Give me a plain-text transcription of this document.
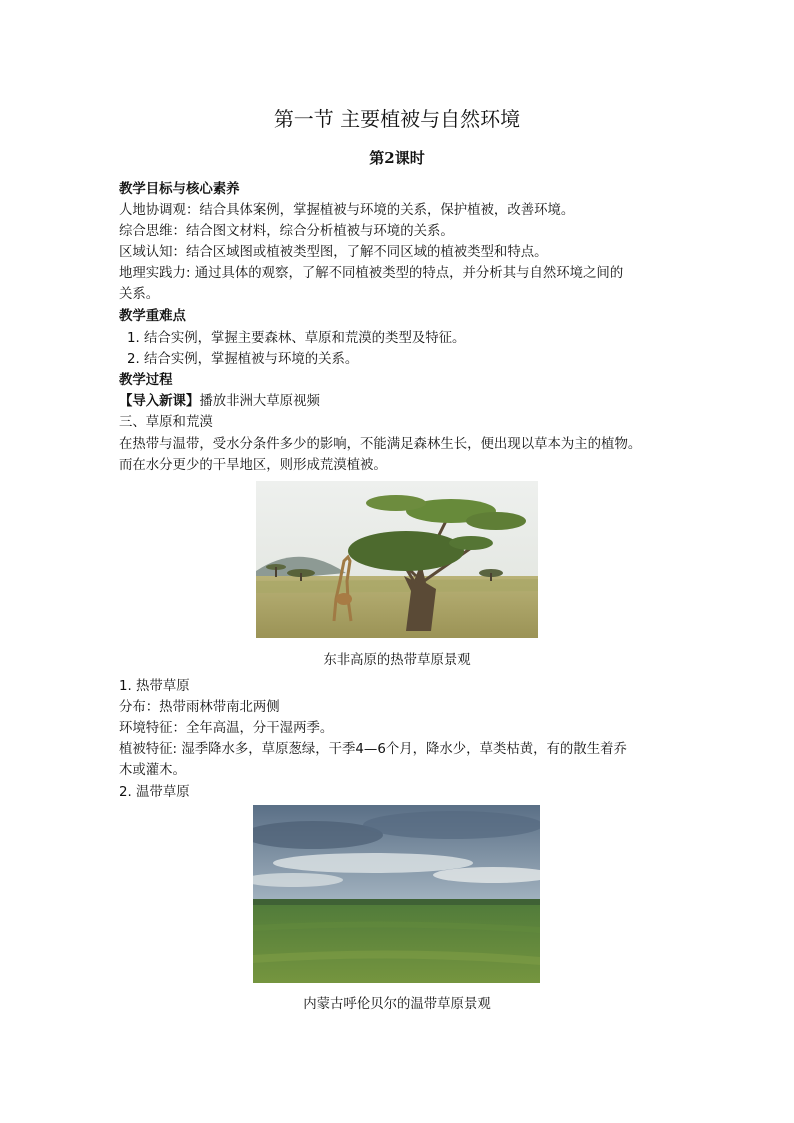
第一节 主要植被与自然环境
第2课时
教学目标与核心素养
人地协调观：结合具体案例，掌握植被与环境的关系，保护植被，改善环境。
综合思维：结合图文材料，综合分析植被与环境的关系。
区域认知：结合区域图或植被类型图，了解不同区域的植被类型和特点。
地理实践力: 通过具体的观察，了解不同植被类型的特点，并分析其与自然环境之间的
关系。
教学重难点
1. 结合实例，掌握主要森林、草原和荒漠的类型及特征。
2. 结合实例，掌握植被与环境的关系。
教学过程
【导入新课】播放非洲大草原视频
三、草原和荒漠
在热带与温带，受水分条件多少的影响，不能满足森林生长，便出现以草本为主的植物。
而在水分更少的干旱地区，则形成荒漠植被。
东非高原的热带草原景观
1. 热带草原
分布：热带雨林带南北两侧
环境特征：全年高温，分干湿两季。
植被特征: 湿季降水多，草原葱绿，干季4—6个月，降水少，草类枯黄，有的散生着乔
木或灌木。
2. 温带草原
内蒙古呼伦贝尔的温带草原景观
